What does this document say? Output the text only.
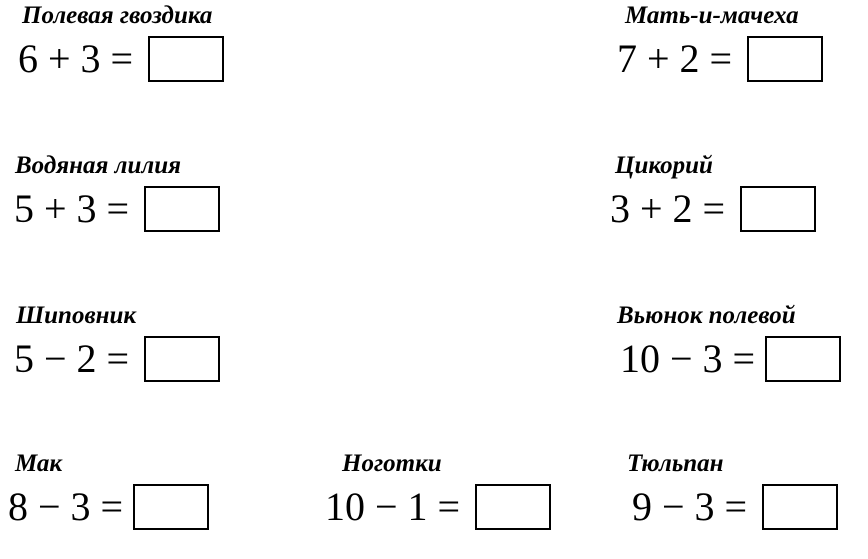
Полевая гвоздика
6 + 3 =
Мать-и-мачеха
7 + 2 =
Водяная лилия
5 + 3 =
Цикорий
3 + 2 =
Шиповник
5 − 2 =
Вьюнок полевой
10 − 3 =
Мак
8 − 3 =
Ноготки
10 − 1 =
Тюльпан
9 − 3 =
